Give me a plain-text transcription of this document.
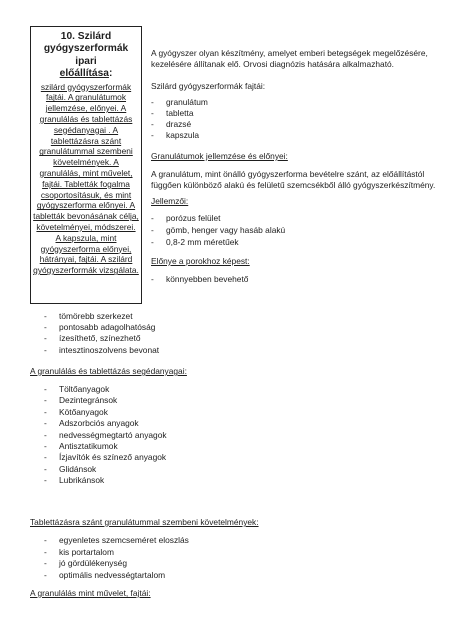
10. Szilárd
gyógyszerformák ipari
előállítása:
szilárd gyógyszerformák fajtái. A granulátumok jellemzése, előnyei. A granulálás és tablettázás segédanyagai . A tablettázásra szánt granulátummal szembeni követelmények. A granulálás, mint művelet, fajtái. Tabletták fogalma csoportosításuk, és mint gyógyszerforma előnyei. A tabletták bevonásának célja, követelményei, módszerei. A kapszula, mint gyógyszerforma előnyei, hátrányai, fajtái. A szilárd gyógyszerformák vizsgálata.
A gyógyszer olyan készítmény, amelyet emberi betegségek megelőzésére, kezelésére állítanak elő. Orvosi diagnózis hatására alkalmazható.
Szilárd gyógyszerformák fajtái:
- granulátum
- tabletta
- drazsé
- kapszula
Granulátumok jellemzése és előnyei:
A granulátum, mint önálló gyógyszerforma bevételre szánt, az előállítástól függően különböző alakú és felületű szemcsékből álló gyógyszerkészítmény.
Jellemzői:
- porózus felület
- gömb, henger vagy hasáb alakú
- 0,8-2 mm méretűek
Előnye a porokhoz képest:
- könnyebben bevehető
- tömörebb szerkezet
- pontosabb adagolhatóság
- ízesíthető, színezhető
- intesztinoszolvens bevonat
A granulálás és tablettázás segédanyagai:
- Töltőanyagok
- Dezintegránsok
- Kötőanyagok
- Adszorbciós anyagok
- nedvességmegtartó anyagok
- Antisztatikumok
- Ízjavítók és színező anyagok
- Glidánsok
- Lubrikánsok
Tablettázásra szánt granulátummal szembeni követelmények:
- egyenletes szemcseméret eloszlás
- kis portartalom
- jó gördülékenység
- optimális nedvességtartalom
A granulálás mint művelet, fajtái:
